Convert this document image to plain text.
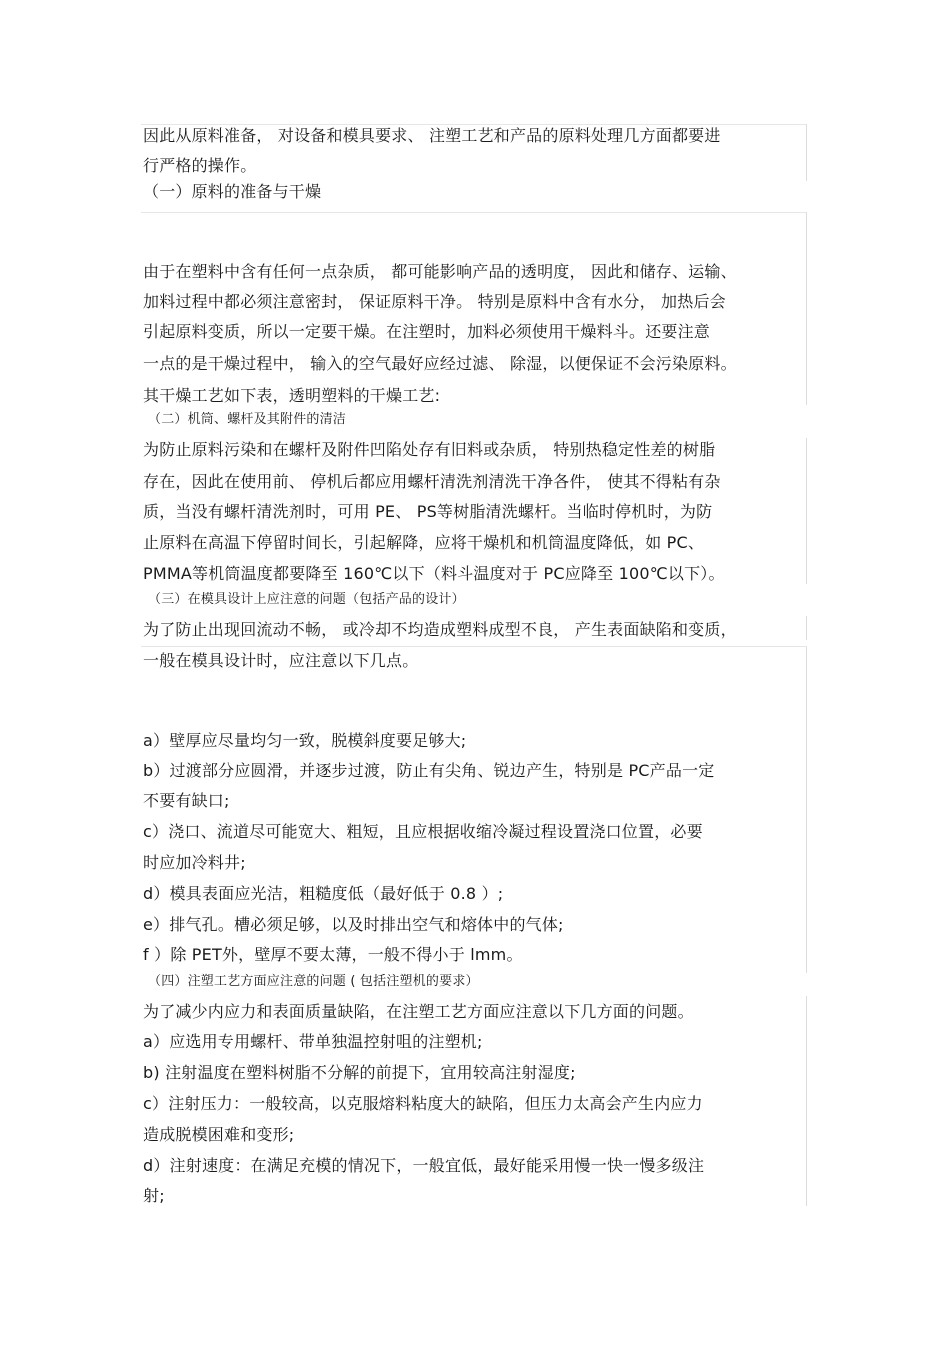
因此从原料准备， 对设备和模具要求、 注塑工艺和产品的原料处理几方面都要进
行严格的操作。
（一）原料的准备与干燥
由于在塑料中含有任何一点杂质， 都可能影响产品的透明度， 因此和储存、运输、
加料过程中都必须注意密封， 保证原料干净。 特别是原料中含有水分， 加热后会
引起原料变质，所以一定要干燥。在注塑时，加料必须使用干燥料斗。还要注意
一点的是干燥过程中， 输入的空气最好应经过滤、 除湿，以便保证不会污染原料。
其干燥工艺如下表，透明塑料的干燥工艺:
（二）机筒、螺杆及其附件的清洁
为防止原料污染和在螺杆及附件凹陷处存有旧料或杂质， 特别热稳定性差的树脂
存在，因此在使用前、 停机后都应用螺杆清洗剂清洗干净各件， 使其不得粘有杂
质，当没有螺杆清洗剂时，可用 PE、 PS等树脂清洗螺杆。当临时停机时，为防
止原料在高温下停留时间长，引起解降，应将干燥机和机筒温度降低，如 PC、
PMMA等机筒温度都要降至 160℃以下（料斗温度对于 PC应降至 100℃以下）。
（三）在模具设计上应注意的问题（包括产品的设计）
为了防止出现回流动不畅， 或冷却不均造成塑料成型不良， 产生表面缺陷和变质，
一般在模具设计时，应注意以下几点。
a）壁厚应尽量均匀一致，脱模斜度要足够大;
b）过渡部分应圆滑，并逐步过渡，防止有尖角、锐边产生，特别是 PC产品一定
不要有缺口;
c）浇口、流道尽可能宽大、粗短，且应根据收缩冷凝过程设置浇口位置，必要
时应加冷料井;
d）模具表面应光洁，粗糙度低（最好低于 0.8 ）;
e）排气孔。槽必须足够，以及时排出空气和熔体中的气体;
f ）除 PET外，壁厚不要太薄，一般不得小于 lmm。
（四）注塑工艺方面应注意的问题 ( 包括注塑机的要求）
为了减少内应力和表面质量缺陷，在注塑工艺方面应注意以下几方面的问题。
a）应选用专用螺杆、带单独温控射咀的注塑机;
b) 注射温度在塑料树脂不分解的前提下，宜用较高注射湿度;
c）注射压力：一般较高，以克服熔料粘度大的缺陷，但压力太高会产生内应力
造成脱模困难和变形;
d）注射速度：在满足充模的情况下，一般宜低，最好能采用慢一快一慢多级注
射;
